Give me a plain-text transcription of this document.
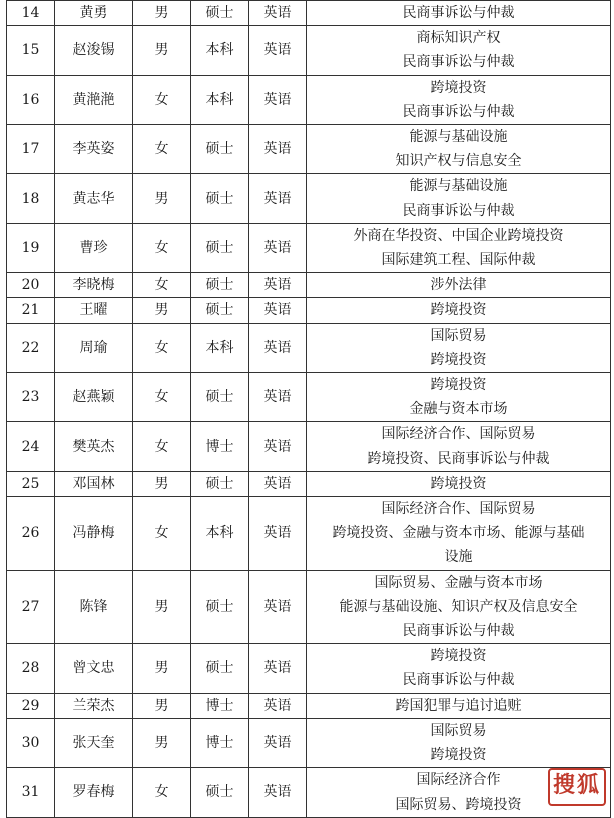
14	黄勇	男	硕士	英语	民商事诉讼与仲裁

15	赵浚锡	男	本科	英语	商标知识产权
民商事诉讼与仲裁

16	黄滟滟	女	本科	英语	跨境投资
民商事诉讼与仲裁

17	李英姿	女	硕士	英语	能源与基础设施
知识产权与信息安全

18	黄志华	男	硕士	英语	能源与基础设施
民商事诉讼与仲裁

19	曹珍	女	硕士	英语	外商在华投资、中国企业跨境投资
国际建筑工程、国际仲裁

20	李晓梅	女	硕士	英语	涉外法律

21	王曜	男	硕士	英语	跨境投资

22	周瑜	女	本科	英语	国际贸易
跨境投资

23	赵燕颖	女	硕士	英语	跨境投资
金融与资本市场

24	樊英杰	女	博士	英语	国际经济合作、国际贸易
跨境投资、民商事诉讼与仲裁

25	邓国林	男	硕士	英语	跨境投资

26	冯静梅	女	本科	英语	国际经济合作、国际贸易
跨境投资、金融与资本市场、能源与基础
设施

27	陈锋	男	硕士	英语	国际贸易、金融与资本市场
能源与基础设施、知识产权及信息安全
民商事诉讼与仲裁

28	曾文忠	男	硕士	英语	跨境投资
民商事诉讼与仲裁

29	兰荣杰	男	博士	英语	跨国犯罪与追讨追赃

30	张天奎	男	博士	英语	国际贸易
跨境投资

31	罗春梅	女	硕士	英语	国际经济合作
国际贸易、跨境投资
搜狐
